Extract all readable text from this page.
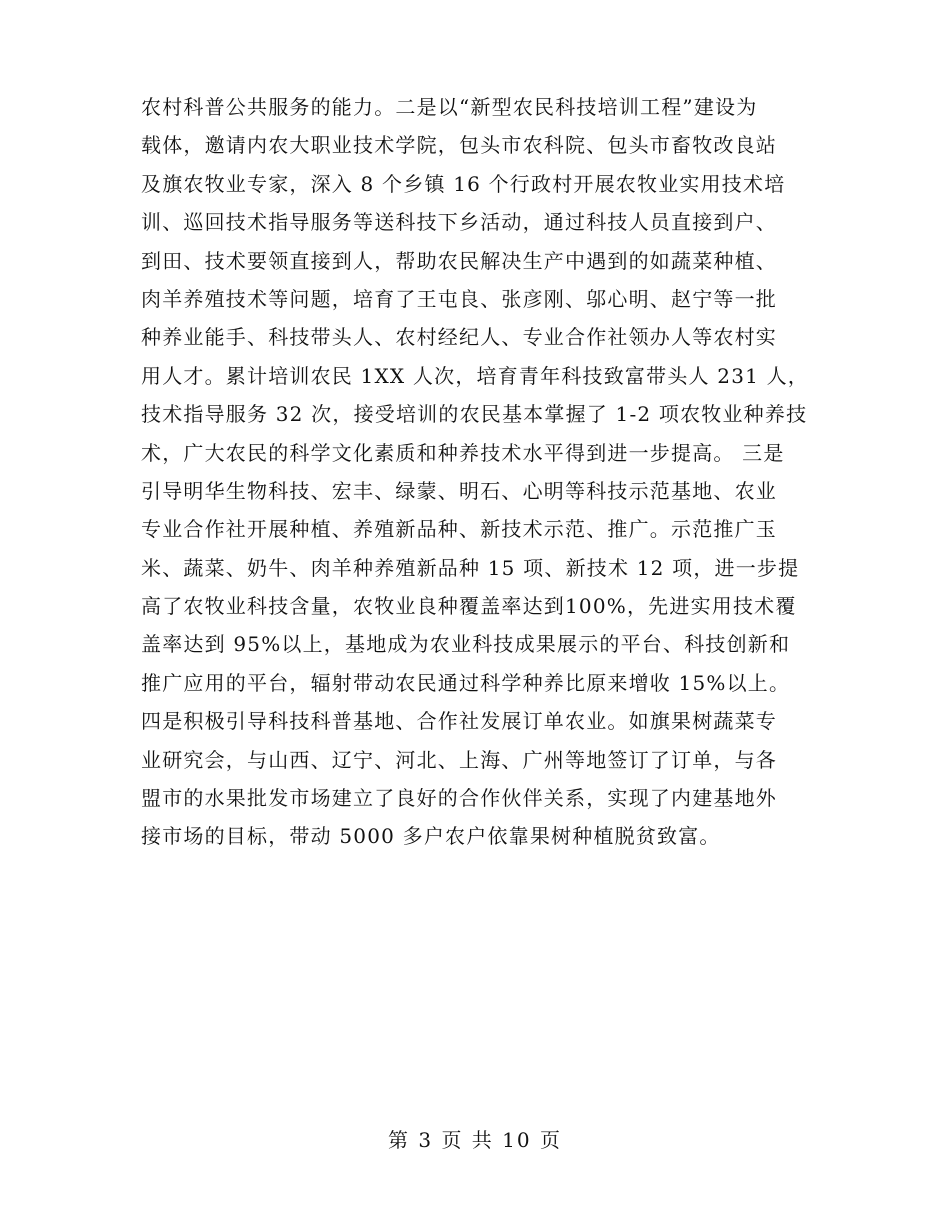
农村科普公共服务的能力。二是以“新型农民科技培训工程”建设为
载体，邀请内农大职业技术学院，包头市农科院、包头市畜牧改良站
及旗农牧业专家，深入 8 个乡镇 16 个行政村开展农牧业实用技术培
训、巡回技术指导服务等送科技下乡活动，通过科技人员直接到户、
到田、技术要领直接到人，帮助农民解决生产中遇到的如蔬菜种植、
肉羊养殖技术等问题，培育了王屯良、张彦刚、邬心明、赵宁等一批
种养业能手、科技带头人、农村经纪人、专业合作社领办人等农村实
用人才。累计培训农民 1XX 人次，培育青年科技致富带头人 231 人，
技术指导服务 32 次，接受培训的农民基本掌握了 1-2 项农牧业种养技
术，广大农民的科学文化素质和种养技术水平得到进一步提高。 三是
引导明华生物科技、宏丰、绿蒙、明石、心明等科技示范基地、农业
专业合作社开展种植、养殖新品种、新技术示范、推广。示范推广玉
米、蔬菜、奶牛、肉羊种养殖新品种 15 项、新技术 12 项，进一步提
高了农牧业科技含量，农牧业良种覆盖率达到100%，先进实用技术覆
盖率达到 95%以上，基地成为农业科技成果展示的平台、科技创新和
推广应用的平台，辐射带动农民通过科学种养比原来增收 15%以上。
四是积极引导科技科普基地、合作社发展订单农业。如旗果树蔬菜专
业研究会，与山西、辽宁、河北、上海、广州等地签订了订单，与各
盟市的水果批发市场建立了良好的合作伙伴关系，实现了内建基地外
接市场的目标，带动 5000 多户农户依靠果树种植脱贫致富。
第 3 页 共 10 页
